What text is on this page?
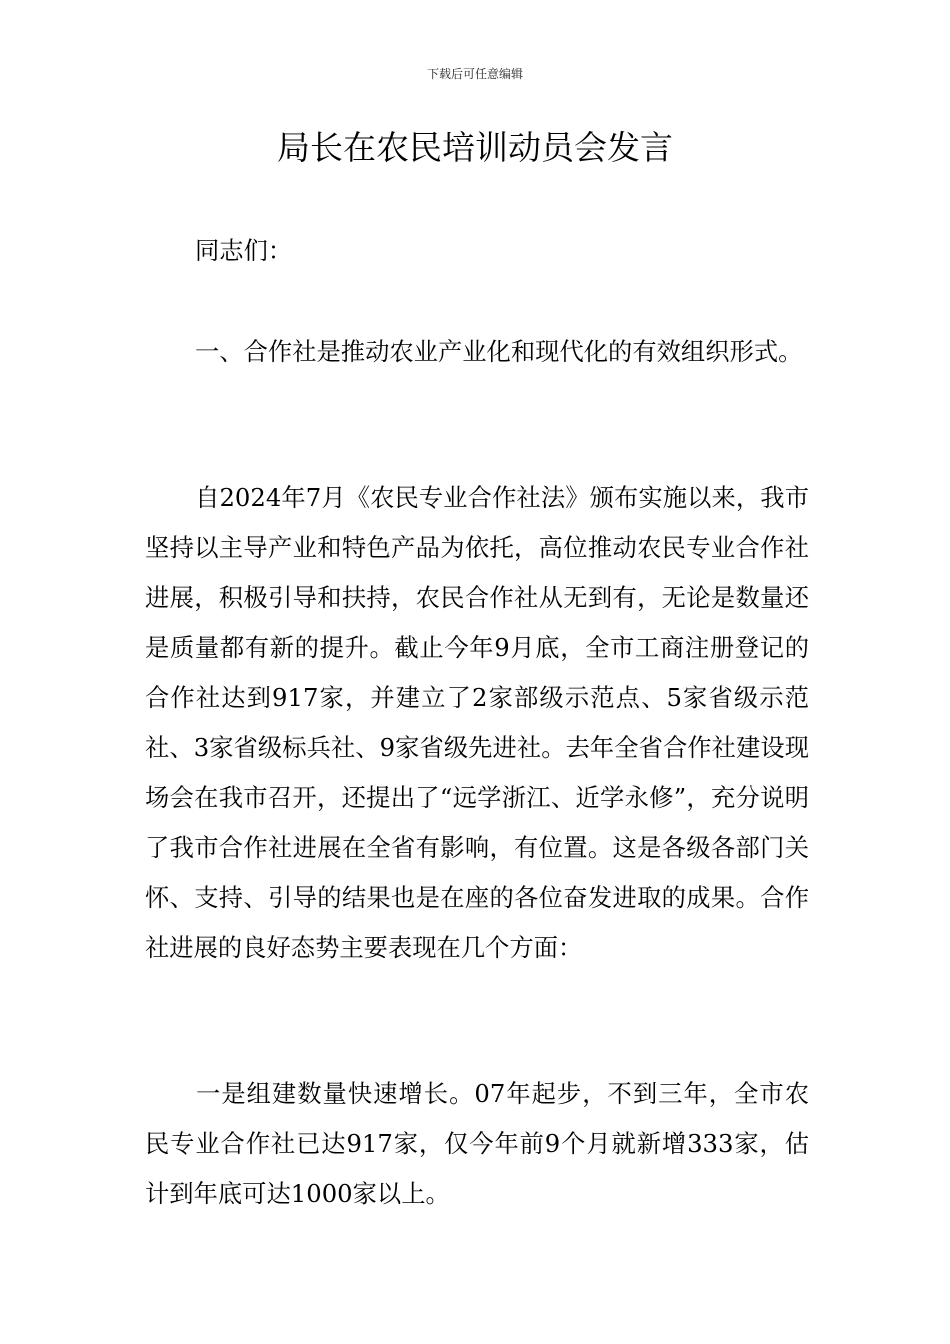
下载后可任意编辑
局长在农民培训动员会发言

同志们：

一、合作社是推动农业产业化和现代化的有效组织形式。

自2024年7月《农民专业合作社法》颁布实施以来，我市坚持以主导产业和特色产品为依托，高位推动农民专业合作社进展，积极引导和扶持，农民合作社从无到有，无论是数量还是质量都有新的提升。截止今年9月底，全市工商注册登记的合作社达到917家，并建立了2家部级示范点、5家省级示范社、3家省级标兵社、9家省级先进社。去年全省合作社建设现场会在我市召开，还提出了“远学浙江、近学永修”，充分说明了我市合作社进展在全省有影响，有位置。这是各级各部门关怀、支持、引导的结果也是在座的各位奋发进取的成果。合作社进展的良好态势主要表现在几个方面：

一是组建数量快速增长。07年起步，不到三年，全市农民专业合作社已达917家，仅今年前9个月就新增333家，估计到年底可达1000家以上。
